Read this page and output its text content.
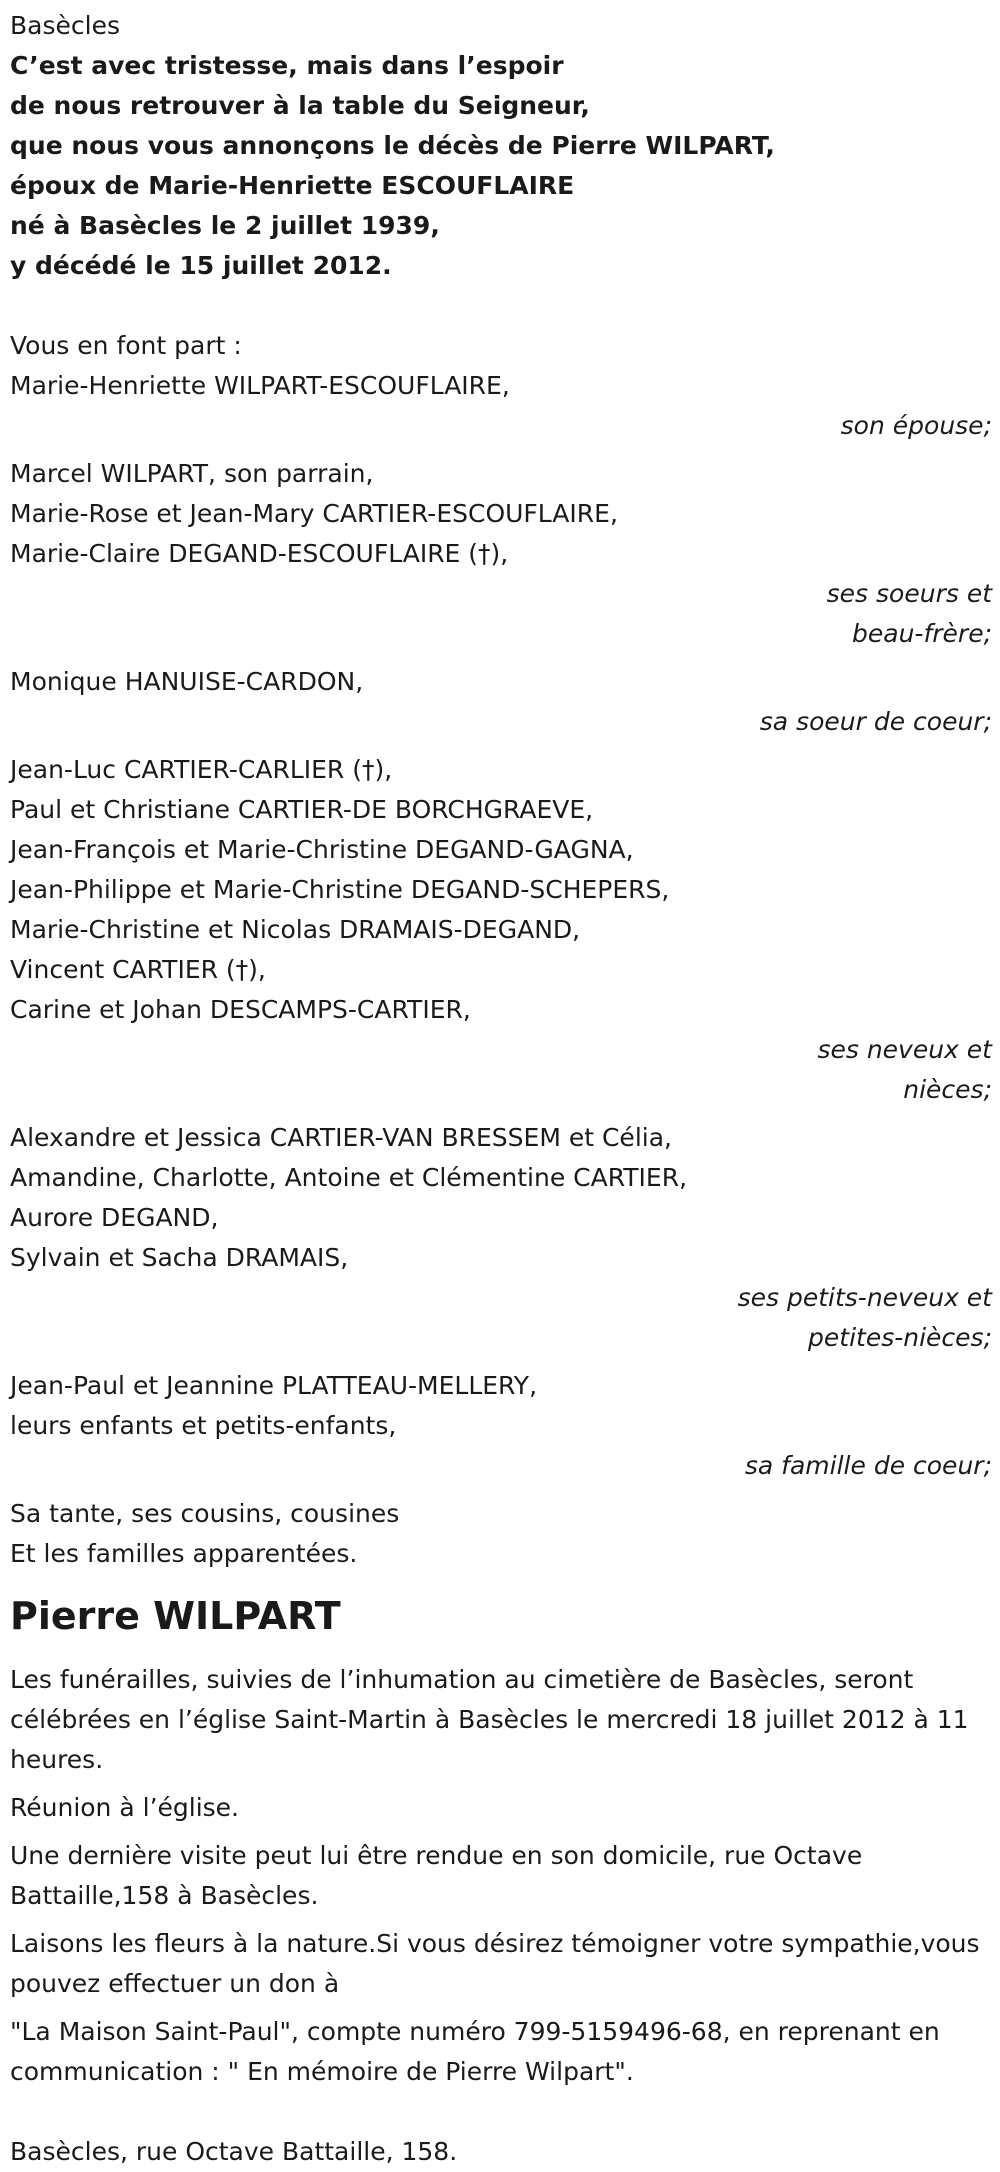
Basècles
C’est avec tristesse, mais dans l’espoir
de nous retrouver à la table du Seigneur,
que nous vous annonçons le décès de Pierre WILPART,
époux de Marie-Henriette ESCOUFLAIRE
né à Basècles le 2 juillet 1939,
y décédé le 15 juillet 2012.
Vous en font part :
Marie-Henriette WILPART-ESCOUFLAIRE,
son épouse;
Marcel WILPART, son parrain,
Marie-Rose et Jean-Mary CARTIER-ESCOUFLAIRE,
Marie-Claire DEGAND-ESCOUFLAIRE (†),
ses soeurs et
beau-frère;
Monique HANUISE-CARDON,
sa soeur de coeur;
Jean-Luc CARTIER-CARLIER (†),
Paul et Christiane CARTIER-DE BORCHGRAEVE,
Jean-François et Marie-Christine DEGAND-GAGNA,
Jean-Philippe et Marie-Christine DEGAND-SCHEPERS,
Marie-Christine et Nicolas DRAMAIS-DEGAND,
Vincent CARTIER (†),
Carine et Johan DESCAMPS-CARTIER,
ses neveux et
nièces;
Alexandre et Jessica CARTIER-VAN BRESSEM et Célia,
Amandine, Charlotte, Antoine et Clémentine CARTIER,
Aurore DEGAND,
Sylvain et Sacha DRAMAIS,
ses petits-neveux et
petites-nièces;
Jean-Paul et Jeannine PLATTEAU-MELLERY,
leurs enfants et petits-enfants,
sa famille de coeur;
Sa tante, ses cousins, cousines
Et les familles apparentées.
Pierre WILPART

Les funérailles, suivies de l’inhumation au cimetière de Basècles, seront célébrées en l’église Saint-Martin à Basècles le mercredi 18 juillet 2012 à 11 heures.

Réunion à l’église.

Une dernière visite peut lui être rendue en son domicile, rue Octave Battaille,158 à Basècles.

Laisons les fleurs à la nature.Si vous désirez témoigner votre sympathie,vous pouvez effectuer un don à

"La Maison Saint-Paul", compte numéro 799-5159496-68, en reprenant en communication : " En mémoire de Pierre Wilpart".

Basècles, rue Octave Battaille, 158.
